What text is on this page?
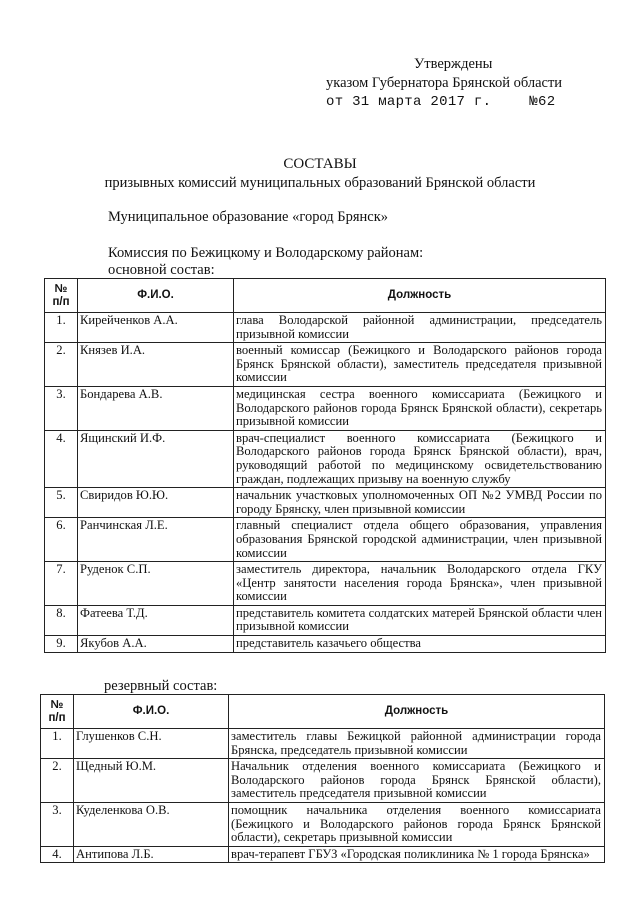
Утверждены
указом Губернатора Брянской области
от 31 марта 2017 г.	№62
СОСТАВЫ
призывных комиссий муниципальных образований Брянской области
Муниципальное образование «город Брянск»
Комиссия по Бежицкому и Володарскому районам:
основной состав:
№
п/п	Ф.И.О.	Должность
1.	Кирейченков А.А.	глава Володарской районной администрации, председатель призывной комиссии
2.	Князев И.А.	военный комиссар (Бежицкого и Володарского районов города Брянск Брянской области), заместитель председателя призывной комиссии
3.	Бондарева А.В.	медицинская сестра военного комиссариата (Бежицкого и Володарского районов города Брянск Брянской области), секретарь призывной комиссии
4.	Ящинский И.Ф.	врач-специалист военного комиссариата (Бежицкого и Володарского районов города Брянск Брянской области), врач, руководящий работой по медицинскому освидетельствованию граждан, подлежащих призыву на военную службу
5.	Свиридов Ю.Ю.	начальник участковых уполномоченных ОП №2 УМВД России по городу Брянску, член призывной комиссии
6.	Ранчинская Л.Е.	главный специалист отдела общего образования, управления образования Брянской городской администрации, член призывной комиссии
7.	Руденок С.П.	заместитель директора, начальник Володарского отдела ГКУ «Центр занятости населения города Брянска», член призывной комиссии
8.	Фатеева Т.Д.	представитель комитета солдатских матерей Брянской области член призывной комиссии
9.	Якубов А.А.	представитель казачьего общества
резервный состав:
№
п/п	Ф.И.О.	Должность
1.	Глушенков С.Н.	заместитель главы Бежицкой районной администрации города Брянска, председатель призывной комиссии
2.	Щедный Ю.М.	Начальник отделения военного комиссариата (Бежицкого и Володарского районов города Брянск Брянской области), заместитель председателя призывной комиссии
3.	Куделенкова О.В.	помощник начальника отделения военного комиссариата (Бежицкого и Володарского районов города Брянск Брянской области), секретарь призывной комиссии
4.	Антипова Л.Б.	врач-терапевт ГБУЗ «Городская поликлиника № 1 города Брянска»
